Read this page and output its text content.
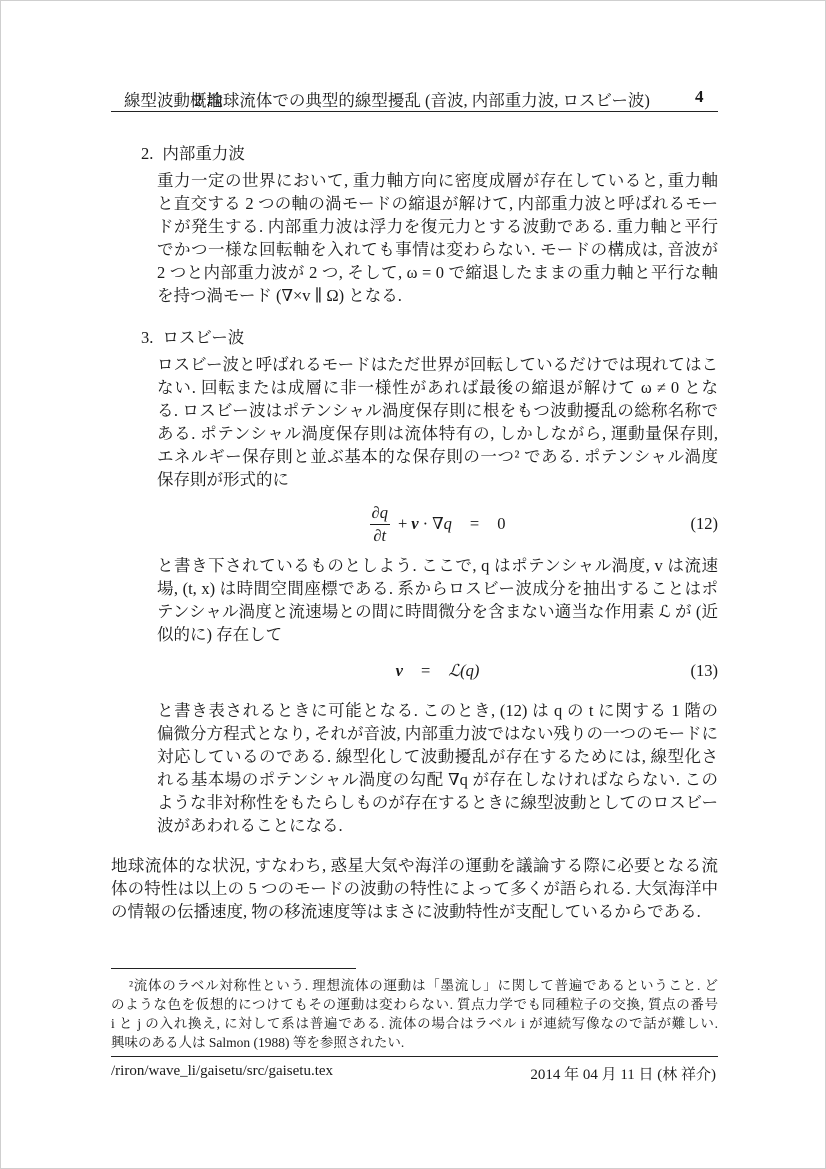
線型波動概論
2 地球流体での典型的線型擾乱 (音波, 内部重力波, ロスビー波)	4
2. 内部重力波
重力一定の世界において, 重力軸方向に密度成層が存在していると, 重力軸
と直交する 2 つの軸の渦モードの縮退が解けて, 内部重力波と呼ばれるモー
ドが発生する. 内部重力波は浮力を復元力とする波動である. 重力軸と平行
でかつ一様な回転軸を入れても事情は変わらない. モードの構成は, 音波が
2 つと内部重力波が 2 つ, そして, ω = 0 で縮退したままの重力軸と平行な軸
を持つ渦モード (∇×v ∥ Ω) となる.
3. ロスビー波
ロスビー波と呼ばれるモードはただ世界が回転しているだけでは現れてはこ
ない. 回転または成層に非一様性があれば最後の縮退が解けて ω ≠ 0 とな
る. ロスビー波はポテンシャル渦度保存則に根をもつ波動擾乱の総称名称で
ある. ポテンシャル渦度保存則は流体特有の, しかしながら, 運動量保存則,
エネルギー保存則と並ぶ基本的な保存則の一つ² である. ポテンシャル渦度
保存則が形式的に
$\frac{\partial q}{\partial t} + v$ · ∇ q = 0	(12)
と書き下されているものとしよう. ここで, q はポテンシャル渦度, v は流速
場, (t, x) は時間空間座標である. 系からロスビー波成分を抽出することはポ
テンシャル渦度と流速場との間に時間微分を含まない適当な作用素 ℒ が (近
似的に) 存在して
v = ℒ (q)	(13)
と書き表されるときに可能となる. このとき, (12) は q の t に関する 1 階の
偏微分方程式となり, それが音波, 内部重力波ではない残りの一つのモードに
対応しているのである. 線型化して波動擾乱が存在するためには, 線型化さ
れる基本場のポテンシャル渦度の勾配 ∇q が存在しなければならない. この
ような非対称性をもたらしものが存在するときに線型波動としてのロスビー
波があわれることになる.
地球流体的な状況, すなわち, 惑星大気や海洋の運動を議論する際に必要となる流
体の特性は以上の 5 つのモードの波動の特性によって多くが語られる. 大気海洋中
の情報の伝播速度, 物の移流速度等はまさに波動特性が支配しているからである.
²流体のラベル対称性という. 理想流体の運動は「墨流し」に関して普遍であるということ. ど
のような色を仮想的につけてもその運動は変わらない. 質点力学でも同種粒子の交換, 質点の番号
i と j の入れ換え, に対して系は普遍である. 流体の場合はラベル i が連続写像なので話が難しい.
興味のある人は Salmon (1988) 等を参照されたい.
/riron/wave_li/gaisetu/src/gaisetu.tex	2014 年 04 月 11 日 (林 祥介)
